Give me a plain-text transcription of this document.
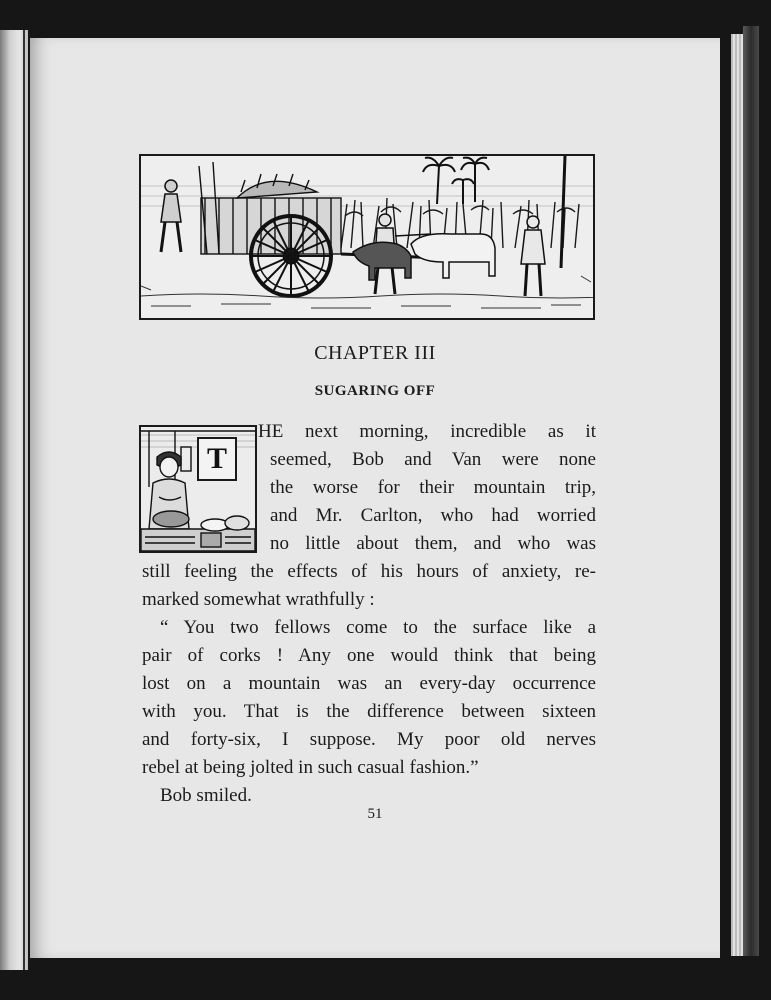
CHAPTER III
SUGARING OFF
T
HE next morning, incredible as it
seemed, Bob and Van were none
the worse for their mountain trip,
and Mr. Carlton, who had worried
no little about them, and who was
still feeling the effects of his hours of anxiety, re-
marked somewhat wrathfully :
“ You two fellows come to the surface like a
pair of corks ! Any one would think that being
lost on a mountain was an every-day occurrence
with you. That is the difference between sixteen
and forty-six, I suppose. My poor old nerves
rebel at being jolted in such casual fashion.”
Bob smiled.
51
